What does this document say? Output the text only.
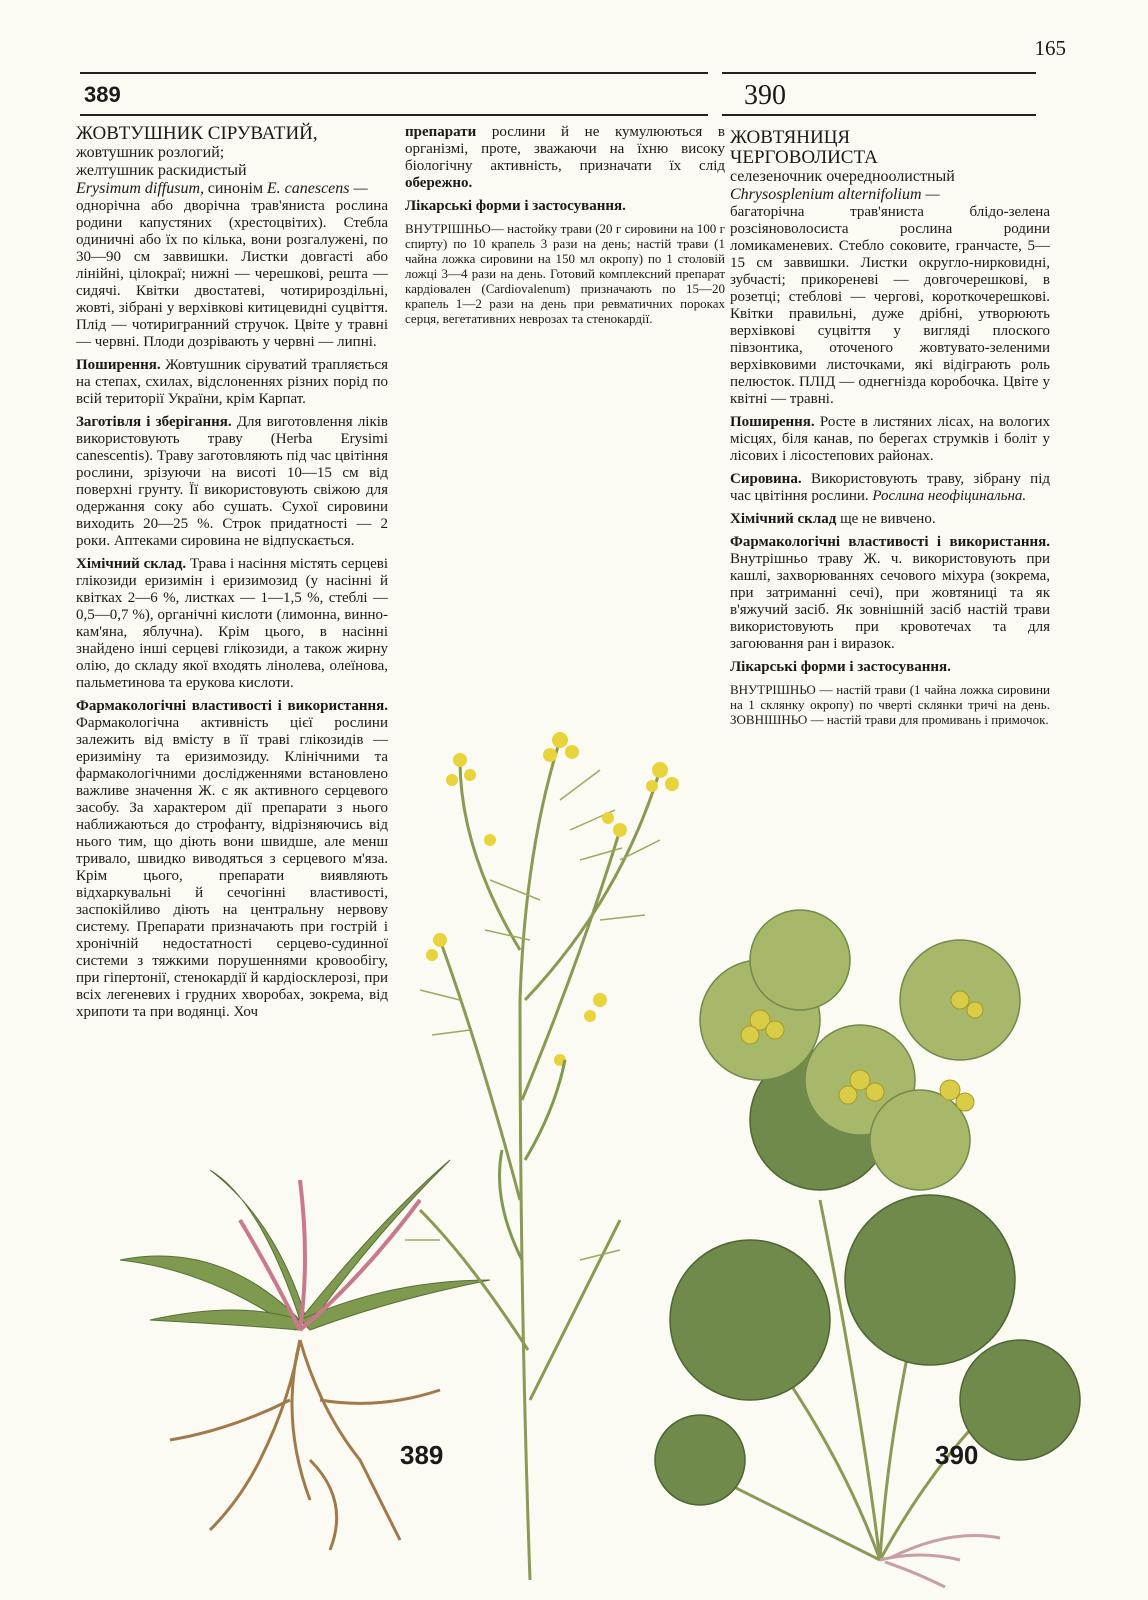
165
389	390

ЖОВТУШНИК СІРУВАТИЙ,
жовтушник розлогий;
желтушник раскидистый
Erysimum diffusum, синонім E. canescens —

однорічна або дворічна трав'яниста рослина родини капустяних (хрестоцвітих). Стебла одиничні або їх по кілька, вони розгалужені, по 30—90 см заввишки. Листки довгасті або лінійні, цілокраї; нижні — черешкові, решта — сидячі. Квітки двостатеві, чотирироздільні, жовті, зібрані у верхівкові китицевидні суцвіття. Плід — чотиригранний стручок. Цвіте у травні — червні. Плоди дозрівають у червні — липні.

Поширення. Жовтушник сіруватий трапляється на степах, схилах, відслоненнях різних порід по всій території України, крім Карпат.

Заготівля і зберігання. Для виготовлення ліків використовують траву (Herba Erysimi canescentis). Траву заготовляють під час цвітіння рослини, зрізуючи на висоті 10—15 см від поверхні грунту. Її використовують свіжою для одержання соку або сушать. Сухої сировини виходить 20—25 %. Строк придатності — 2 роки. Аптеками сировина не відпускається.

Хімічний склад. Трава і насіння містять серцеві глікозиди еризимін і еризимозид (у насінні й квітках 2—6 %, листках — 1—1,5 %, стеблі — 0,5—0,7 %), органічні кислоти (лимонна, винно-кам'яна, яблучна). Крім цього, в насінні знайдено інші серцеві глікозиди, а також жирну олію, до складу якої входять лінолева, олеїнова, пальметинова та ерукова кислоти.

Фармакологічні властивості і використання. Фармакологічна активність цієї рослини залежить від вмісту в її траві глікозидів — еризиміну та еризимозиду. Клінічними та фармакологічними дослідженнями встановлено важливе значення Ж. с як активного серцевого засобу. За характером дії препарати з нього наближаються до строфанту, відрізняючись від нього тим, що діють вони швидше, але менш тривало, швидко виводяться з серцевого м'яза. Крім цього, препарати виявляють відхаркувальні й сечогінні властивості, заспокійливо діють на центральну нервову систему. Препарати призначають при гострій і хронічній недостатності серцево-судинної системи з тяжкими порушеннями кровообігу, при гіпертонії, стенокардії й кардіосклерозі, при всіх легеневих і грудних хворобах, зокрема, від хрипоти та при водянці. Хоч

препарати рослини й не кумулюються в організмі, проте, зважаючи на їхню високу біологічну активність, призначати їх слід обережно.

Лікарські форми і застосування.

ВНУТРІШНЬО— настойку трави (20 г сировини на 100 г спирту) по 10 крапель 3 рази на день; настій трави (1 чайна ложка сировини на 150 мл окропу) по 1 столовій ложці 3—4 рази на день. Готовий комплексний препарат кардіовален (Cardiovalenum) призначають по 15—20 крапель 1—2 рази на день при ревматичних пороках серця, вегетативних неврозах та стенокардії.

ЖОВТЯНИЦЯ
ЧЕРГОВОЛИСТА
селезеночник очередноолистный
Chrysosplenium alternifolium —

багаторічна трав'яниста блідо-зелена розсіяноволосиста рослина родини ломикаменевих. Стебло соковите, гранчасте, 5—15 см заввишки. Листки округло-нирковидні, зубчасті; прикореневі — довгочерешкові, в розетці; стеблові — чергові, короткочерешкові. Квітки правильні, дуже дрібні, утворюють верхівкові суцвіття у вигляді плоского півзонтика, оточеного жовтувато-зеленими верхівковими листочками, які відіграють роль пелюсток. ПЛІД — однегнізда коробочка. Цвіте у квітні — травні.

Поширення. Росте в листяних лісах, на вологих місцях, біля канав, по берегах струмків і боліт у лісових і лісостепових районах.

Сировина. Використовують траву, зібрану під час цвітіння рослини. Рослина неофіцинальна.

Хімічний склад ще не вивчено.

Фармакологічні властивості і використання. Внутрішньо траву Ж. ч. використовують при кашлі, захворюваннях сечового міхура (зокрема, при затриманні сечі), при жовтяниці та як в'яжучий засіб. Як зовнішній засіб настій трави використовують при кровотечах та для загоювання ран і виразок.

Лікарські форми і застосування.

ВНУТРІШНЬО — настій трави (1 чайна ложка сировини на 1 склянку окропу) по чверті склянки тричі на день. ЗОВНІШНЬО — настій трави для промивань і примочок.

389	390
